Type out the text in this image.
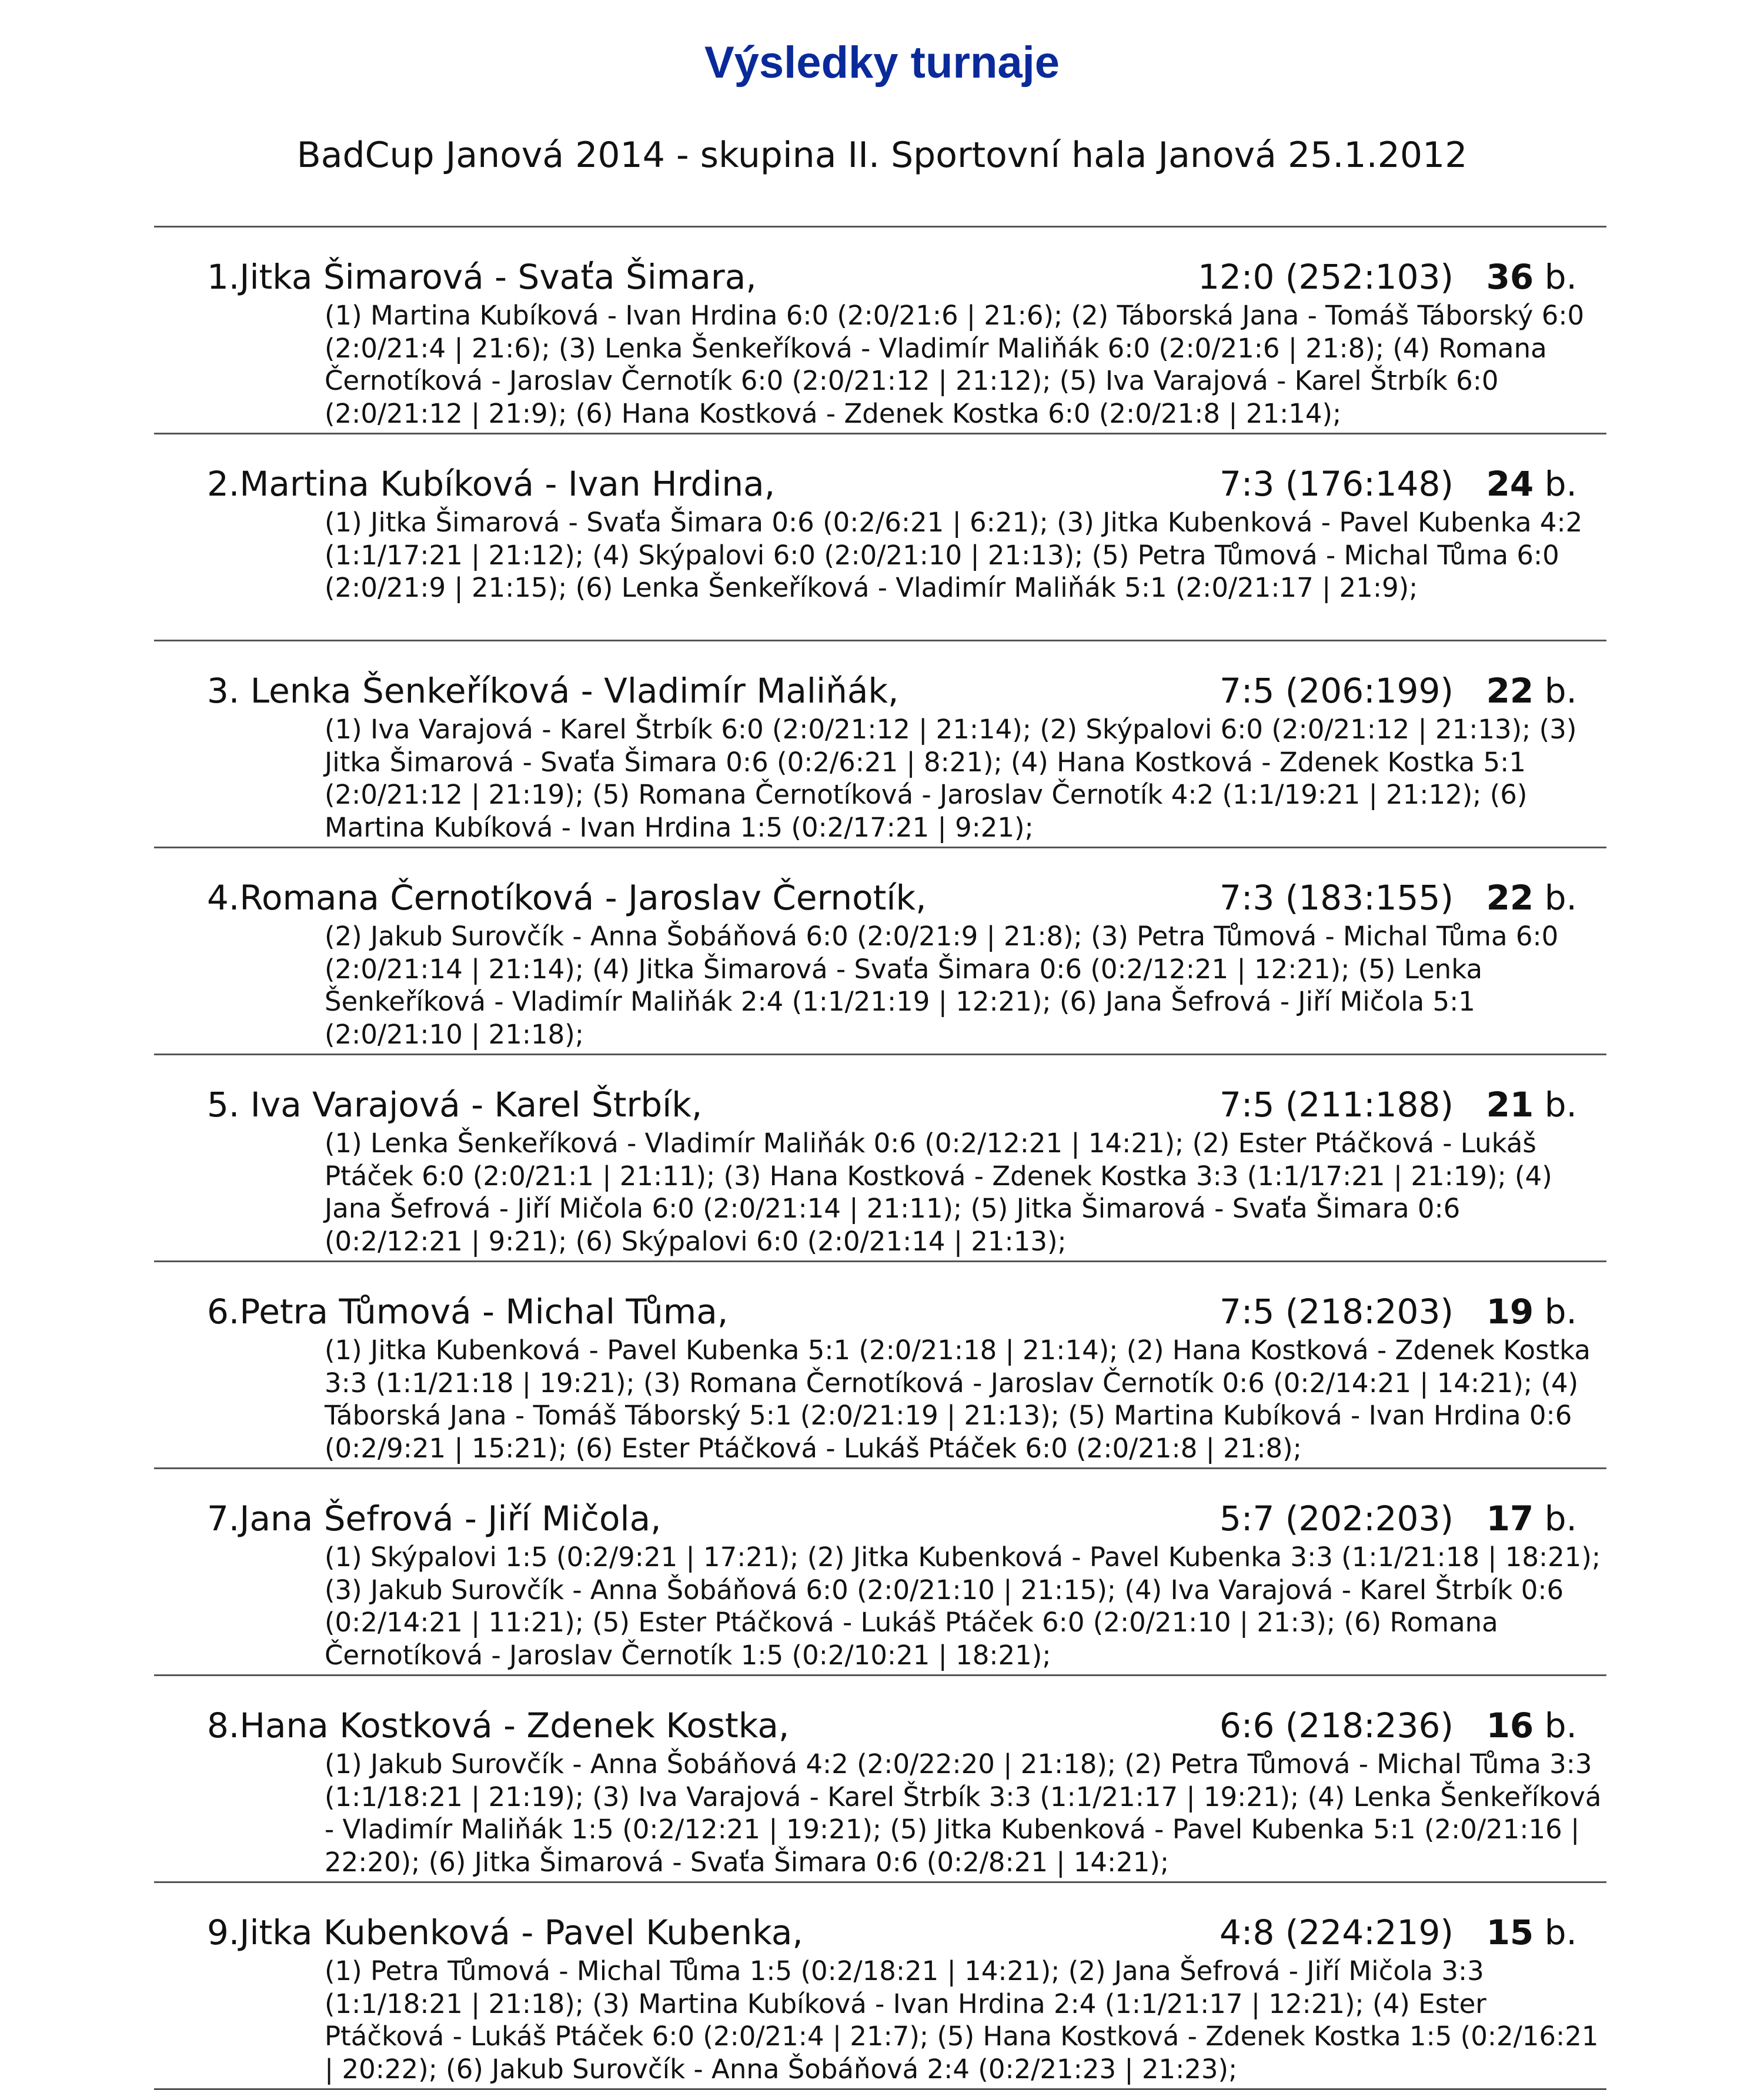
Výsledky turnaje
BadCup Janová 2014 - skupina II. Sportovní hala Janová 25.1.2012
1.Jitka Šimarová - Svaťa Šimara,	12:0 (252:103) 36 b.

(1) Martina Kubíková - Ivan Hrdina 6:0 (2:0/21:6 | 21:6); (2) Táborská Jana - Tomáš Táborský 6:0 (2:0/21:4 | 21:6); (3) Lenka Šenkeříková - Vladimír Maliňák 6:0 (2:0/21:6 | 21:8); (4) Romana Černotíková - Jaroslav Černotík 6:0 (2:0/21:12 | 21:12); (5) Iva Varajová - Karel Štrbík 6:0 (2:0/21:12 | 21:9); (6) Hana Kostková - Zdenek Kostka 6:0 (2:0/21:8 | 21:14);

2.Martina Kubíková - Ivan Hrdina,	7:3 (176:148) 24 b.

(1) Jitka Šimarová - Svaťa Šimara 0:6 (0:2/6:21 | 6:21); (3) Jitka Kubenková - Pavel Kubenka 4:2 (1:1/17:21 | 21:12); (4) Skýpalovi 6:0 (2:0/21:10 | 21:13); (5) Petra Tůmová - Michal Tůma 6:0 (2:0/21:9 | 21:15); (6) Lenka Šenkeříková - Vladimír Maliňák 5:1 (2:0/21:17 | 21:9);

3. Lenka Šenkeříková - Vladimír Maliňák,	7:5 (206:199) 22 b.

(1) Iva Varajová - Karel Štrbík 6:0 (2:0/21:12 | 21:14); (2) Skýpalovi 6:0 (2:0/21:12 | 21:13); (3) Jitka Šimarová - Svaťa Šimara 0:6 (0:2/6:21 | 8:21); (4) Hana Kostková - Zdenek Kostka 5:1 (2:0/21:12 | 21:19); (5) Romana Černotíková - Jaroslav Černotík 4:2 (1:1/19:21 | 21:12); (6) Martina Kubíková - Ivan Hrdina 1:5 (0:2/17:21 | 9:21);

4.Romana Černotíková - Jaroslav Černotík,	7:3 (183:155) 22 b.

(2) Jakub Surovčík - Anna Šobáňová 6:0 (2:0/21:9 | 21:8); (3) Petra Tůmová - Michal Tůma 6:0 (2:0/21:14 | 21:14); (4) Jitka Šimarová - Svaťa Šimara 0:6 (0:2/12:21 | 12:21); (5) Lenka Šenkeříková - Vladimír Maliňák 2:4 (1:1/21:19 | 12:21); (6) Jana Šefrová - Jiří Mičola 5:1 (2:0/21:10 | 21:18);

5. Iva Varajová - Karel Štrbík,	7:5 (211:188) 21 b.

(1) Lenka Šenkeříková - Vladimír Maliňák 0:6 (0:2/12:21 | 14:21); (2) Ester Ptáčková - Lukáš Ptáček 6:0 (2:0/21:1 | 21:11); (3) Hana Kostková - Zdenek Kostka 3:3 (1:1/17:21 | 21:19); (4) Jana Šefrová - Jiří Mičola 6:0 (2:0/21:14 | 21:11); (5) Jitka Šimarová - Svaťa Šimara 0:6 (0:2/12:21 | 9:21); (6) Skýpalovi 6:0 (2:0/21:14 | 21:13);

6.Petra Tůmová - Michal Tůma,	7:5 (218:203) 19 b.

(1) Jitka Kubenková - Pavel Kubenka 5:1 (2:0/21:18 | 21:14); (2) Hana Kostková - Zdenek Kostka 3:3 (1:1/21:18 | 19:21); (3) Romana Černotíková - Jaroslav Černotík 0:6 (0:2/14:21 | 14:21); (4) Táborská Jana - Tomáš Táborský 5:1 (2:0/21:19 | 21:13); (5) Martina Kubíková - Ivan Hrdina 0:6 (0:2/9:21 | 15:21); (6) Ester Ptáčková - Lukáš Ptáček 6:0 (2:0/21:8 | 21:8);

7.Jana Šefrová - Jiří Mičola,	5:7 (202:203) 17 b.

(1) Skýpalovi 1:5 (0:2/9:21 | 17:21); (2) Jitka Kubenková - Pavel Kubenka 3:3 (1:1/21:18 | 18:21); (3) Jakub Surovčík - Anna Šobáňová 6:0 (2:0/21:10 | 21:15); (4) Iva Varajová - Karel Štrbík 0:6 (0:2/14:21 | 11:21); (5) Ester Ptáčková - Lukáš Ptáček 6:0 (2:0/21:10 | 21:3); (6) Romana Černotíková - Jaroslav Černotík 1:5 (0:2/10:21 | 18:21);

8.Hana Kostková - Zdenek Kostka,	6:6 (218:236) 16 b.

(1) Jakub Surovčík - Anna Šobáňová 4:2 (2:0/22:20 | 21:18); (2) Petra Tůmová - Michal Tůma 3:3 (1:1/18:21 | 21:19); (3) Iva Varajová - Karel Štrbík 3:3 (1:1/21:17 | 19:21); (4) Lenka Šenkeříková - Vladimír Maliňák 1:5 (0:2/12:21 | 19:21); (5) Jitka Kubenková - Pavel Kubenka 5:1 (2:0/21:16 | 22:20); (6) Jitka Šimarová - Svaťa Šimara 0:6 (0:2/8:21 | 14:21);

9.Jitka Kubenková - Pavel Kubenka,	4:8 (224:219) 15 b.

(1) Petra Tůmová - Michal Tůma 1:5 (0:2/18:21 | 14:21); (2) Jana Šefrová - Jiří Mičola 3:3 (1:1/18:21 | 21:18); (3) Martina Kubíková - Ivan Hrdina 2:4 (1:1/21:17 | 12:21); (4) Ester Ptáčková - Lukáš Ptáček 6:0 (2:0/21:4 | 21:7); (5) Hana Kostková - Zdenek Kostka 1:5 (0:2/16:21 | 20:22); (6) Jakub Surovčík - Anna Šobáňová 2:4 (0:2/21:23 | 21:23);
